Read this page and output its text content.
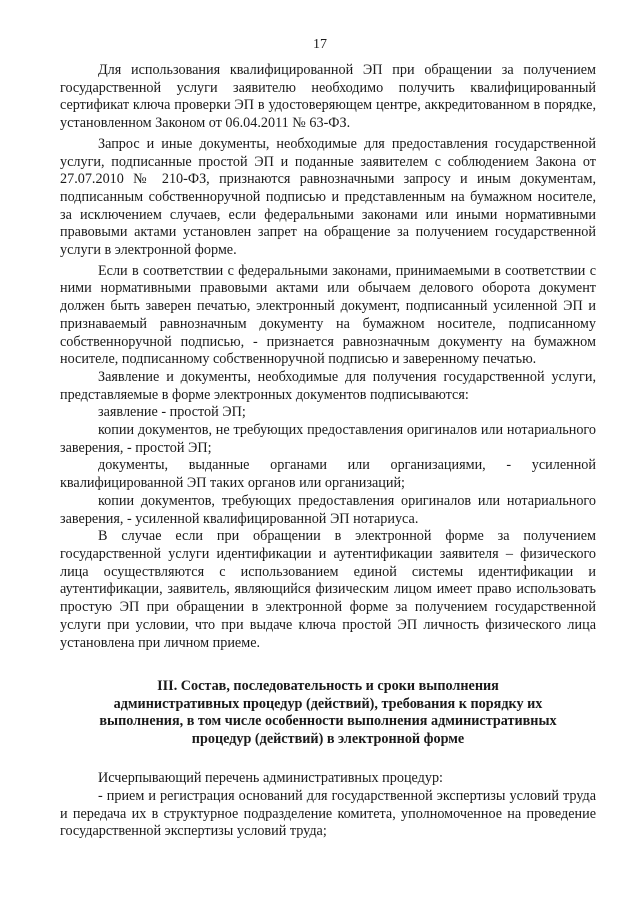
17

Для использования квалифицированной ЭП при обращении за получением государственной услуги заявителю необходимо получить квалифицированный сертификат ключа проверки ЭП в удостоверяющем центре, аккредитованном в порядке, установленном Законом от 06.04.2011 № 63-ФЗ.

Запрос и иные документы, необходимые для предоставления государственной услуги, подписанные простой ЭП и поданные заявителем с соблюдением Закона от 27.07.2010 № 210-ФЗ, признаются равнозначными запросу и иным документам, подписанным собственноручной подписью и представленным на бумажном носителе, за исключением случаев, если федеральными законами или иными нормативными правовыми актами установлен запрет на обращение за получением государственной услуги в электронной форме.

Если в соответствии с федеральными законами, принимаемыми в соответствии с ними нормативными правовыми актами или обычаем делового оборота документ должен быть заверен печатью, электронный документ, подписанный усиленной ЭП и признаваемый равнозначным документу на бумажном носителе, подписанному собственноручной подписью, - признается равнозначным документу на бумажном носителе, подписанному собственноручной подписью и заверенному печатью.

Заявление и документы, необходимые для получения государственной услуги, представляемые в форме электронных документов подписываются:

заявление - простой ЭП;

копии документов, не требующих предоставления оригиналов или нотариального заверения, - простой ЭП;

документы, выданные органами или организациями, - усиленной квалифицированной ЭП таких органов или организаций;

копии документов, требующих предоставления оригиналов или нотариального заверения, - усиленной квалифицированной ЭП нотариуса.

В случае если при обращении в электронной форме за получением государственной услуги идентификации и аутентификации заявителя – физического лица осуществляются с использованием единой системы идентификации и аутентификации, заявитель, являющийся физическим лицом имеет право использовать простую ЭП при обращении в электронной форме за получением государственной услуги при условии, что при выдаче ключа простой ЭП личность физического лица установлена при личном приеме.

III. Состав, последовательность и сроки выполнения
административных процедур (действий), требования к порядку их
выполнения, в том числе особенности выполнения административных
процедур (действий) в электронной форме

Исчерпывающий перечень административных процедур:

- прием и регистрация оснований для государственной экспертизы условий труда и передача их в структурное подразделение комитета, уполномоченное на проведение государственной экспертизы условий труда;
